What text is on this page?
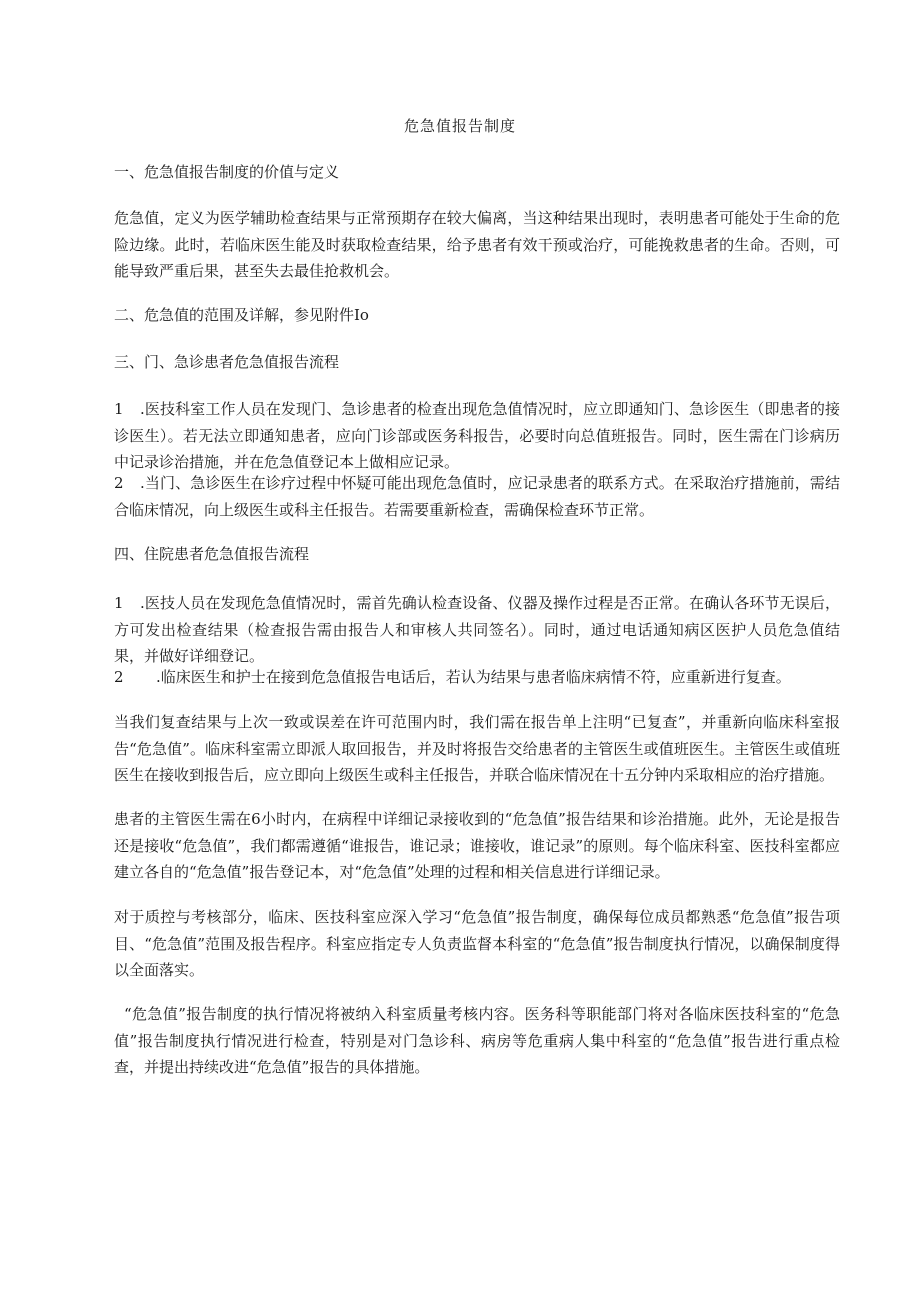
危急值报告制度

一、危急值报告制度的价值与定义

危急值，定义为医学辅助检查结果与正常预期存在较大偏离，当这种结果出现时，表明患者可能处于生命的危险边缘。此时，若临床医生能及时获取检查结果，给予患者有效干预或治疗，可能挽救患者的生命。否则，可能导致严重后果，甚至失去最佳抢救机会。

二、危急值的范围及详解，参见附件Io

三、门、急诊患者危急值报告流程

1 .医技科室工作人员在发现门、急诊患者的检查出现危急值情况时，应立即通知门、急诊医生（即患者的接诊医生）。若无法立即通知患者，应向门诊部或医务科报告，必要时向总值班报告。同时，医生需在门诊病历中记录诊治措施，并在危急值登记本上做相应记录。

2 .当门、急诊医生在诊疗过程中怀疑可能出现危急值时，应记录患者的联系方式。在采取治疗措施前，需结合临床情况，向上级医生或科主任报告。若需要重新检查，需确保检查环节正常。

四、住院患者危急值报告流程

1 .医技人员在发现危急值情况时，需首先确认检查设备、仪器及操作过程是否正常。在确认各环节无误后，方可发出检查结果（检查报告需由报告人和审核人共同签名）。同时，通过电话通知病区医护人员危急值结果，并做好详细登记。

2 .临床医生和护士在接到危急值报告电话后，若认为结果与患者临床病情不符，应重新进行复查。

当我们复查结果与上次一致或误差在许可范围内时，我们需在报告单上注明“已复查”，并重新向临床科室报告“危急值”。临床科室需立即派人取回报告，并及时将报告交给患者的主管医生或值班医生。主管医生或值班医生在接收到报告后，应立即向上级医生或科主任报告，并联合临床情况在十五分钟内采取相应的治疗措施。

患者的主管医生需在6小时内，在病程中详细记录接收到的“危急值”报告结果和诊治措施。此外，无论是报告还是接收“危急值”，我们都需遵循“谁报告，谁记录；谁接收，谁记录”的原则。每个临床科室、医技科室都应建立各自的“危急值”报告登记本，对“危急值”处理的过程和相关信息进行详细记录。

对于质控与考核部分，临床、医技科室应深入学习“危急值”报告制度，确保每位成员都熟悉“危急值”报告项目、“危急值”范围及报告程序。科室应指定专人负责监督本科室的“危急值”报告制度执行情况，以确保制度得以全面落实。

“危急值”报告制度的执行情况将被纳入科室质量考核内容。医务科等职能部门将对各临床医技科室的“危急值”报告制度执行情况进行检查，特别是对门急诊科、病房等危重病人集中科室的“危急值”报告进行重点检查，并提出持续改进“危急值”报告的具体措施。
